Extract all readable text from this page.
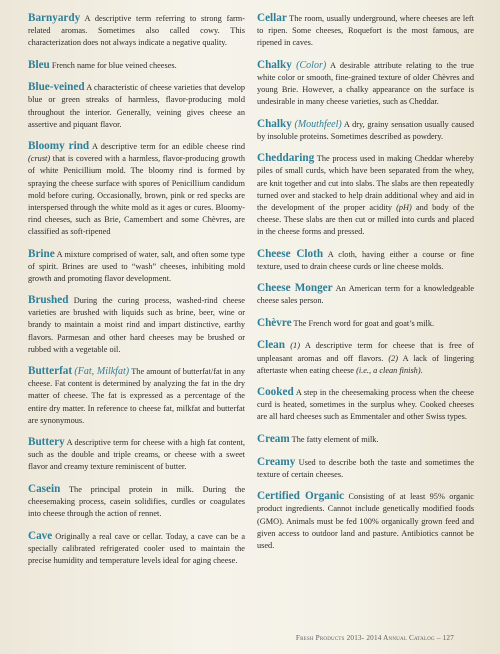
Barnyardy A descriptive term referring to strong farm-related aromas. Sometimes also called cowy. This characterization does not always indicate a negative quality.

Bleu French name for blue veined cheeses.

Blue-veined A characteristic of cheese varieties that develop blue or green streaks of harmless, flavor-producing mold throughout the interior. Generally, veining gives cheese an assertive and piquant flavor.

Bloomy rind A descriptive term for an edible cheese rind (crust) that is covered with a harmless, flavor-producing growth of white Penicillium mold. The bloomy rind is formed by spraying the cheese surface with spores of Penicillium candidum mold before curing. Occasionally, brown, pink or red specks are interspersed through the white mold as it ages or cures. Bloomy-rind cheeses, such as Brie, Camembert and some Chèvres, are classified as soft-ripened

Brine A mixture comprised of water, salt, and often some type of spirit. Brines are used to “wash” cheeses, inhibiting mold growth and promoting flavor development.

Brushed During the curing process, washed-rind cheese varieties are brushed with liquids such as brine, beer, wine or brandy to maintain a moist rind and impart distinctive, earthy flavors. Parmesan and other hard cheeses may be brushed or rubbed with a vegetable oil.

Butterfat (Fat, Milkfat) The amount of butterfat/fat in any cheese. Fat content is determined by analyzing the fat in the dry matter of cheese. The fat is expressed as a percentage of the entire dry matter. In reference to cheese fat, milkfat and butterfat are synonymous.

Buttery A descriptive term for cheese with a high fat content, such as the double and triple creams, or cheese with a sweet flavor and creamy texture reminiscent of butter.

Casein The principal protein in milk. During the cheesemaking process, casein solidifies, curdles or coagulates into cheese through the action of rennet.

Cave Originally a real cave or cellar. Today, a cave can be a specially calibrated refrigerated cooler used to maintain the precise humidity and temperature levels ideal for aging cheese.

Cellar The room, usually underground, where cheeses are left to ripen. Some cheeses, Roquefort is the most famous, are ripened in caves.

Chalky (Color) A desirable attribute relating to the true white color or smooth, fine-grained texture of older Chèvres and young Brie. However, a chalky appearance on the surface is undesirable in many cheese varieties, such as Cheddar.

Chalky (Mouthfeel) A dry, grainy sensation usually caused by insoluble proteins. Sometimes described as powdery.

Cheddaring The process used in making Cheddar whereby piles of small curds, which have been separated from the whey, are knit together and cut into slabs. The slabs are then repeatedly turned over and stacked to help drain additional whey and aid in the development of the proper acidity (pH) and body of the cheese. These slabs are then cut or milled into curds and placed in the cheese forms and pressed.

Cheese Cloth A cloth, having either a course or fine texture, used to drain cheese curds or line cheese molds.

Cheese Monger An American term for a knowledgeable cheese sales person.

Chèvre The French word for goat and goat’s milk.

Clean (1) A descriptive term for cheese that is free of unpleasant aromas and off flavors. (2) A lack of lingering aftertaste when eating cheese (i.e., a clean finish).

Cooked A step in the cheesemaking process when the cheese curd is heated, sometimes in the surplus whey. Cooked cheeses are all hard cheeses such as Emmentaler and other Swiss types.

Cream The fatty element of milk.

Creamy Used to describe both the taste and sometimes the texture of certain cheeses.

Certified Organic Consisting of at least 95% organic product ingredients. Cannot include genetically modified foods (GMO). Animals must be fed 100% organically grown feed and given access to outdoor land and pasture. Antibiotics cannot be used.

Fresh Products 2013- 2014 Annual Catalog – 127
